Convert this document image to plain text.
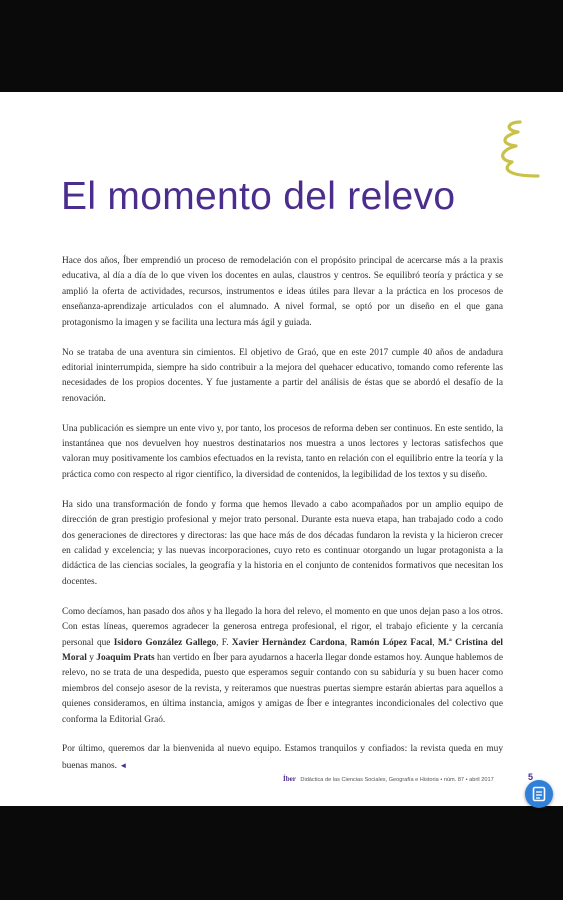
El momento del relevo

Hace dos años, Íber emprendió un proceso de remodelación con el propósito principal de acercarse más a la praxis educativa, al día a día de lo que viven los docentes en aulas, claustros y centros. Se equilibró teoría y práctica y se amplió la oferta de actividades, recursos, instrumentos e ideas útiles para llevar a la práctica en los procesos de enseñanza-aprendizaje articulados con el alumnado. A nivel formal, se optó por un diseño en el que gana protagonismo la imagen y se facilita una lectura más ágil y guiada.

No se trataba de una aventura sin cimientos. El objetivo de Graó, que en este 2017 cumple 40 años de andadura editorial ininterrumpida, siempre ha sido contribuir a la mejora del quehacer educativo, tomando como referente las necesidades de los propios docentes. Y fue justamente a partir del análisis de éstas que se abordó el desafío de la renovación.

Una publicación es siempre un ente vivo y, por tanto, los procesos de reforma deben ser continuos. En este sentido, la instantánea que nos devuelven hoy nuestros destinatarios nos muestra a unos lectores y lectoras satisfechos que valoran muy positivamente los cambios efectuados en la revista, tanto en relación con el equilibrio entre la teoría y la práctica como con respecto al rigor científico, la diversidad de contenidos, la legibilidad de los textos y su diseño.

Ha sido una transformación de fondo y forma que hemos llevado a cabo acompañados por un amplio equipo de dirección de gran prestigio profesional y mejor trato personal. Durante esta nueva etapa, han trabajado codo a codo dos generaciones de directores y directoras: las que hace más de dos décadas fundaron la revista y la hicieron crecer en calidad y excelencia; y las nuevas incorporaciones, cuyo reto es continuar otorgando un lugar protagonista a la didáctica de las ciencias sociales, la geografía y la historia en el conjunto de contenidos formativos que necesitan los docentes.

Como decíamos, han pasado dos años y ha llegado la hora del relevo, el momento en que unos dejan paso a los otros. Con estas líneas, queremos agradecer la generosa entrega profesional, el rigor, el trabajo eficiente y la cercanía personal que Isidoro González Gallego, F. Xavier Hernàndez Cardona, Ramón López Facal, M.ª Cristina del Moral y Joaquim Prats han vertido en Íber para ayudarnos a hacerla llegar donde estamos hoy. Aunque hablemos de relevo, no se trata de una despedida, puesto que esperamos seguir contando con su sabiduría y su buen hacer como miembros del consejo asesor de la revista, y reiteramos que nuestras puertas siempre estarán abiertas para aquellos a quienes consideramos, en última instancia, amigos y amigas de Íber e integrantes incondicionales del colectivo que conforma la Editorial Graó.

Por último, queremos dar la bienvenida al nuevo equipo. Estamos tranquilos y confiados: la revista queda en muy buenas manos. ◄

Íber Didáctica de las Ciencias Sociales, Geografía e Historia • núm. 87 • abril 2017	5
